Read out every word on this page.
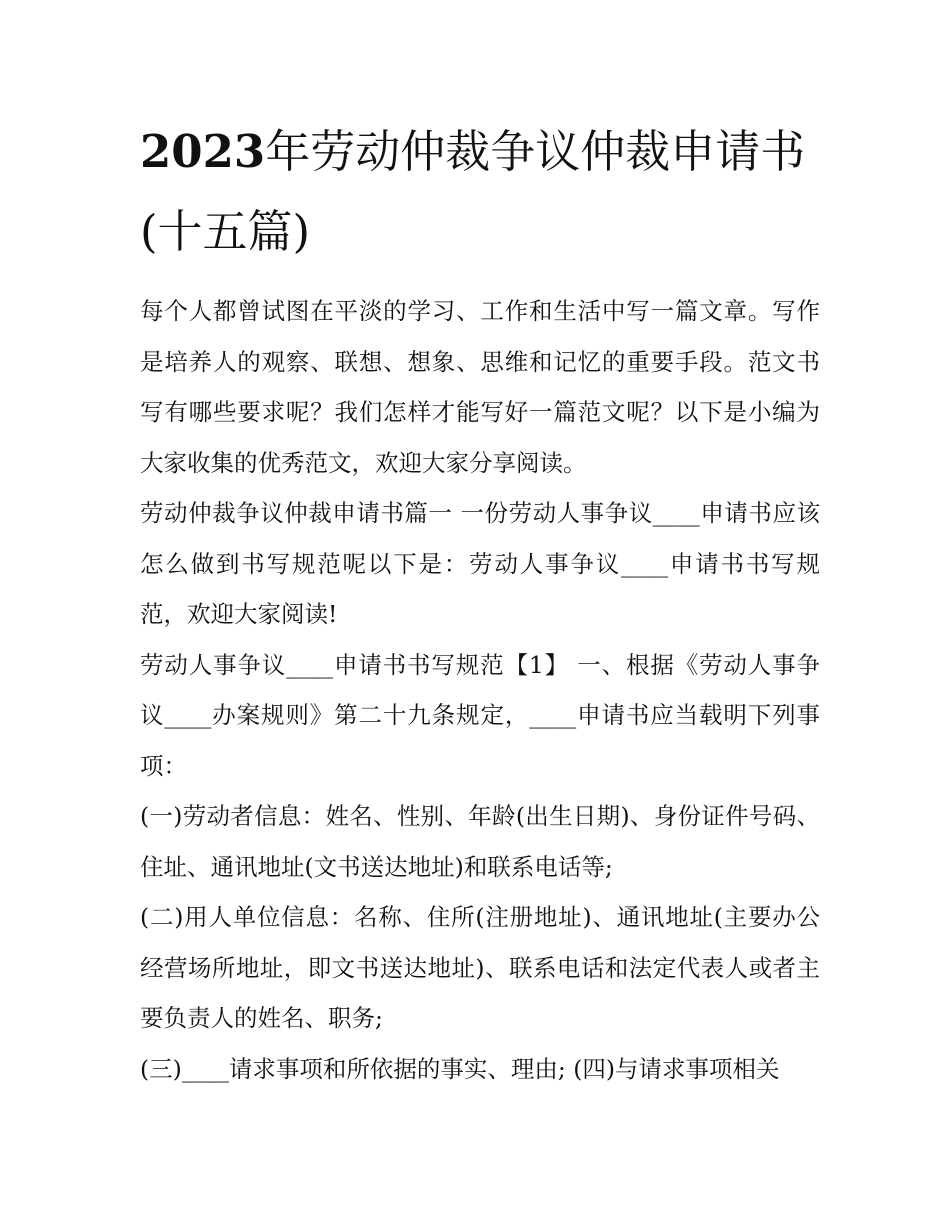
2023年劳动仲裁争议仲裁申请书(十五篇)

每个人都曾试图在平淡的学习、工作和生活中写一篇文章。写作是培养人的观察、联想、想象、思维和记忆的重要手段。范文书写有哪些要求呢？我们怎样才能写好一篇范文呢？以下是小编为大家收集的优秀范文，欢迎大家分享阅读。

劳动仲裁争议仲裁申请书篇一 一份劳动人事争议____申请书应该怎么做到书写规范呢以下是：劳动人事争议____申请书书写规范，欢迎大家阅读!

劳动人事争议____申请书书写规范【1】 一、根据《劳动人事争议____办案规则》第二十九条规定，____申请书应当载明下列事项：

(一)劳动者信息：姓名、性别、年龄(出生日期)、身份证件号码、住址、通讯地址(文书送达地址)和联系电话等;

(二)用人单位信息：名称、住所(注册地址)、通讯地址(主要办公经营场所地址，即文书送达地址)、联系电话和法定代表人或者主要负责人的姓名、职务;

(三)____请求事项和所依据的事实、理由; (四)与请求事项相关
